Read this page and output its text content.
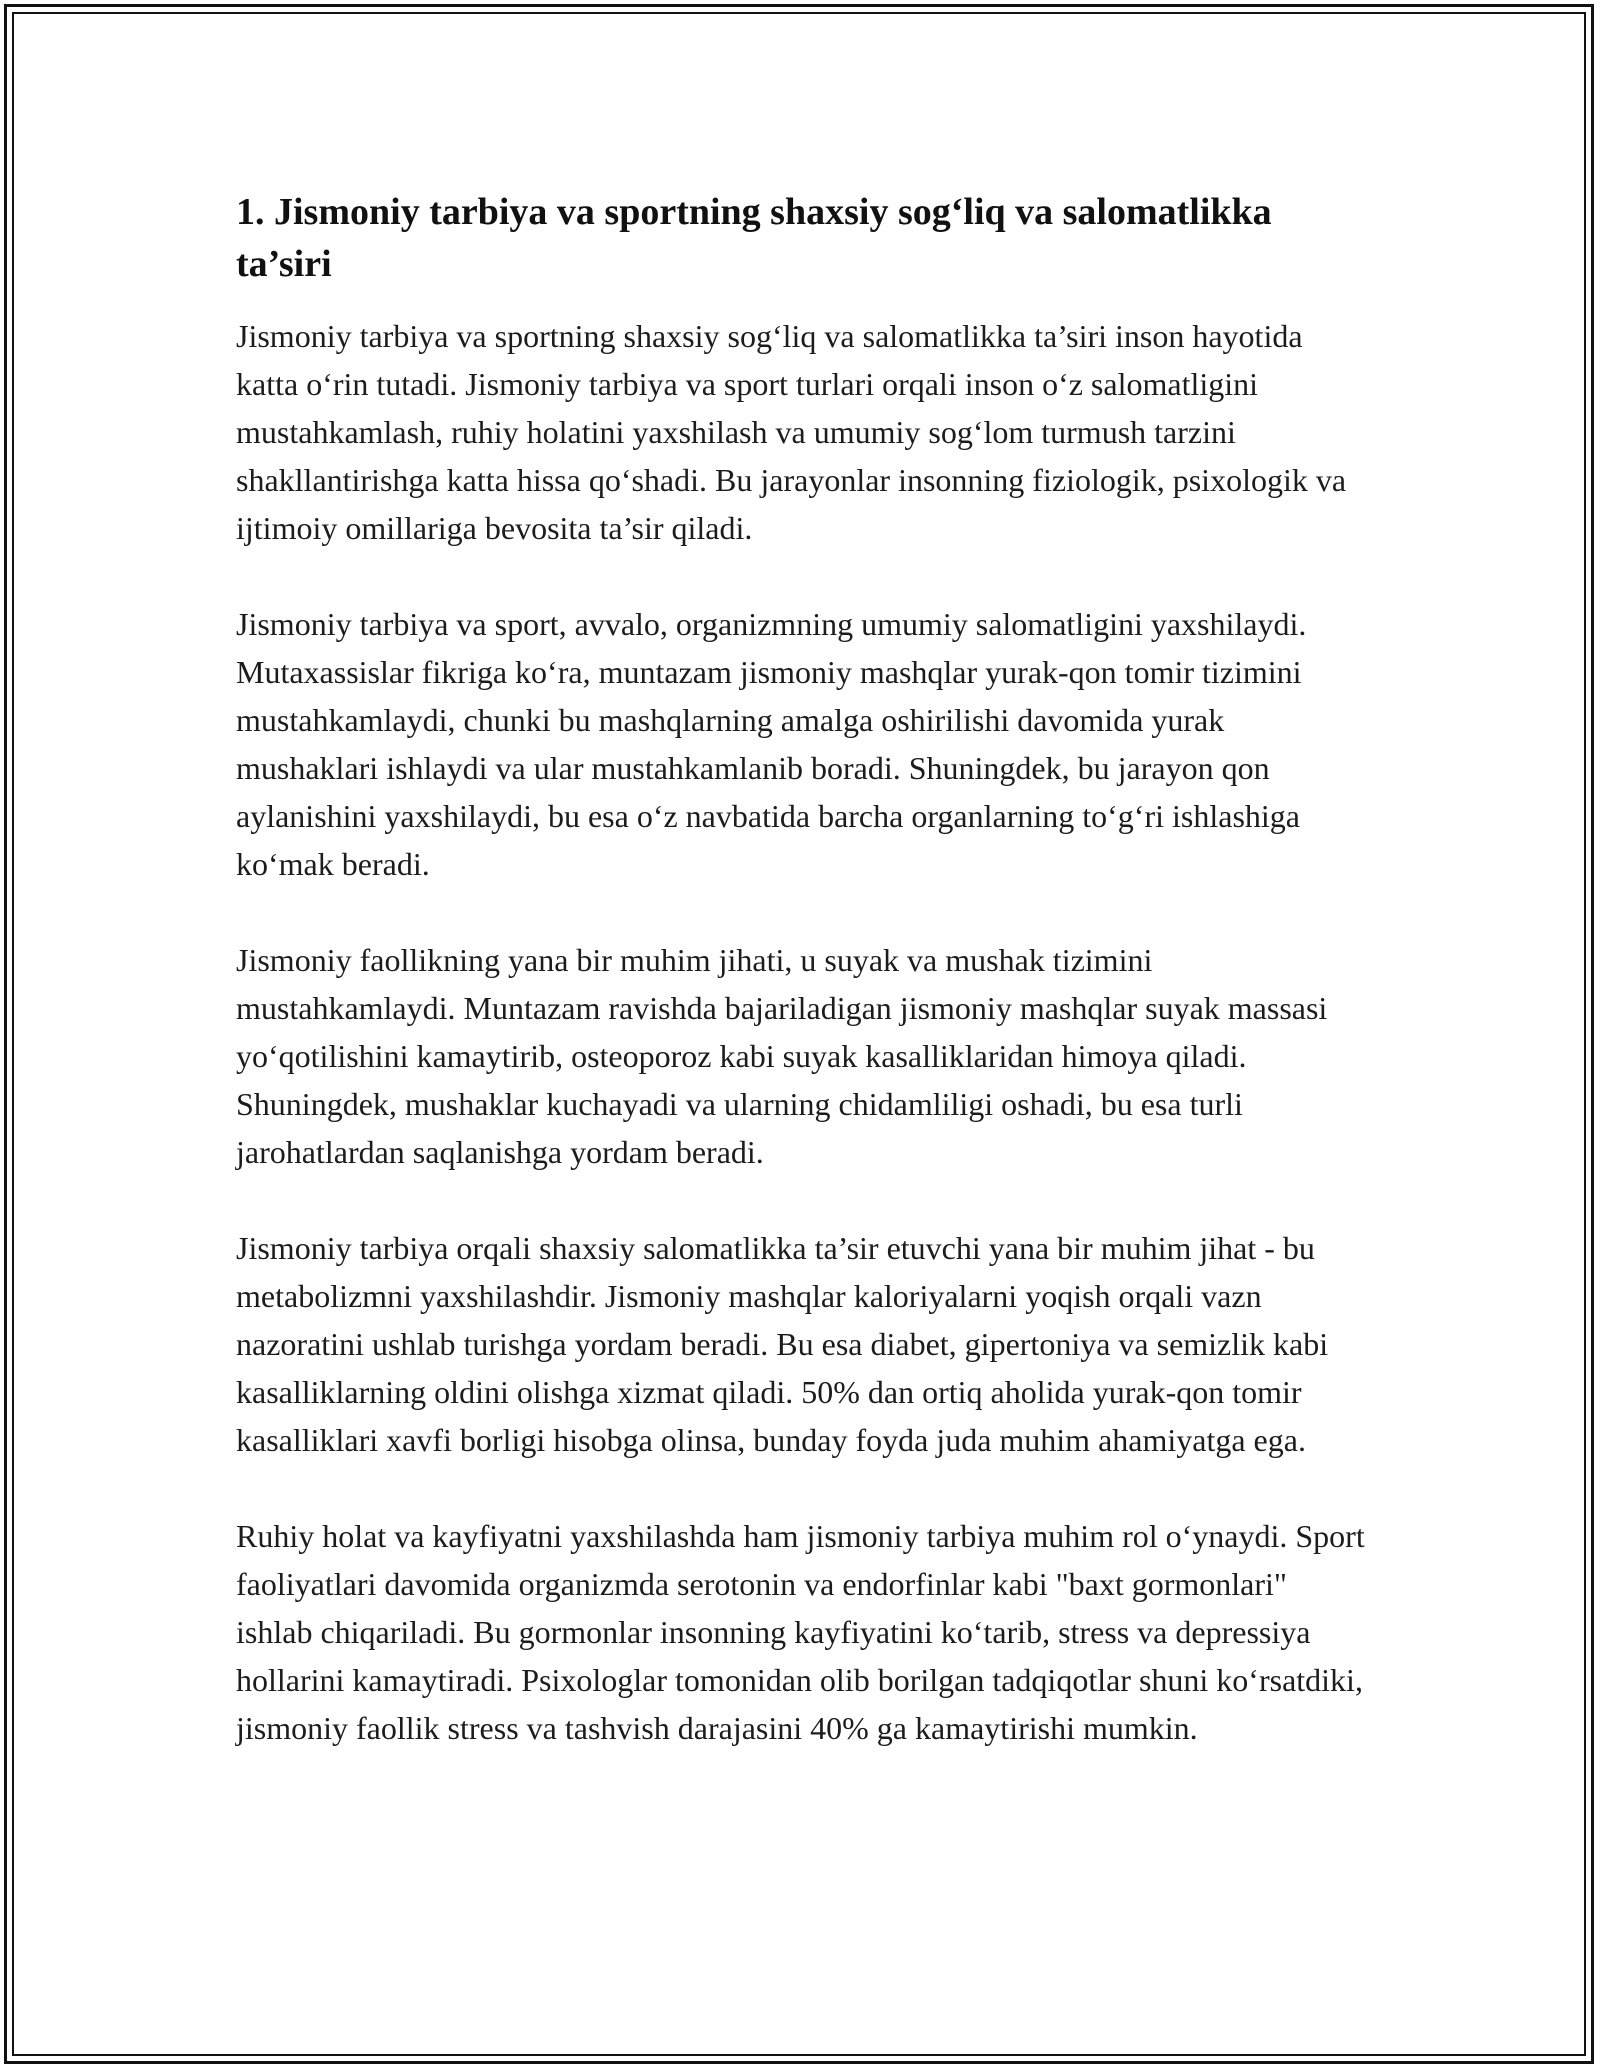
1. Jismoniy tarbiya va sportning shaxsiy sog‘liq va salomatlikka ta’siri

Jismoniy tarbiya va sportning shaxsiy sog‘liq va salomatlikka ta’siri inson hayotida katta o‘rin tutadi. Jismoniy tarbiya va sport turlari orqali inson o‘z salomatligini mustahkamlash, ruhiy holatini yaxshilash va umumiy sog‘lom turmush tarzini shakllantirishga katta hissa qo‘shadi. Bu jarayonlar insonning fiziologik, psixologik va ijtimoiy omillariga bevosita ta’sir qiladi.

Jismoniy tarbiya va sport, avvalo, organizmning umumiy salomatligini yaxshilaydi. Mutaxassislar fikriga ko‘ra, muntazam jismoniy mashqlar yurak-qon tomir tizimini mustahkamlaydi, chunki bu mashqlarning amalga oshirilishi davomida yurak mushaklari ishlaydi va ular mustahkamlanib boradi. Shuningdek, bu jarayon qon aylanishini yaxshilaydi, bu esa o‘z navbatida barcha organlarning to‘g‘ri ishlashiga ko‘mak beradi.

Jismoniy faollikning yana bir muhim jihati, u suyak va mushak tizimini mustahkamlaydi. Muntazam ravishda bajariladigan jismoniy mashqlar suyak massasi yo‘qotilishini kamaytirib, osteoporoz kabi suyak kasalliklaridan himoya qiladi. Shuningdek, mushaklar kuchayadi va ularning chidamliligi oshadi, bu esa turli jarohatlardan saqlanishga yordam beradi.

Jismoniy tarbiya orqali shaxsiy salomatlikka ta’sir etuvchi yana bir muhim jihat - bu metabolizmni yaxshilashdir. Jismoniy mashqlar kaloriyalarni yoqish orqali vazn nazoratini ushlab turishga yordam beradi. Bu esa diabet, gipertoniya va semizlik kabi kasalliklarning oldini olishga xizmat qiladi. 50% dan ortiq aholida yurak-qon tomir kasalliklari xavfi borligi hisobga olinsa, bunday foyda juda muhim ahamiyatga ega.

Ruhiy holat va kayfiyatni yaxshilashda ham jismoniy tarbiya muhim rol o‘ynaydi. Sport faoliyatlari davomida organizmda serotonin va endorfinlar kabi "baxt gormonlari" ishlab chiqariladi. Bu gormonlar insonning kayfiyatini ko‘tarib, stress va depressiya hollarini kamaytiradi. Psixologlar tomonidan olib borilgan tadqiqotlar shuni ko‘rsatdiki, jismoniy faollik stress va tashvish darajasini 40% ga kamaytirishi mumkin.
